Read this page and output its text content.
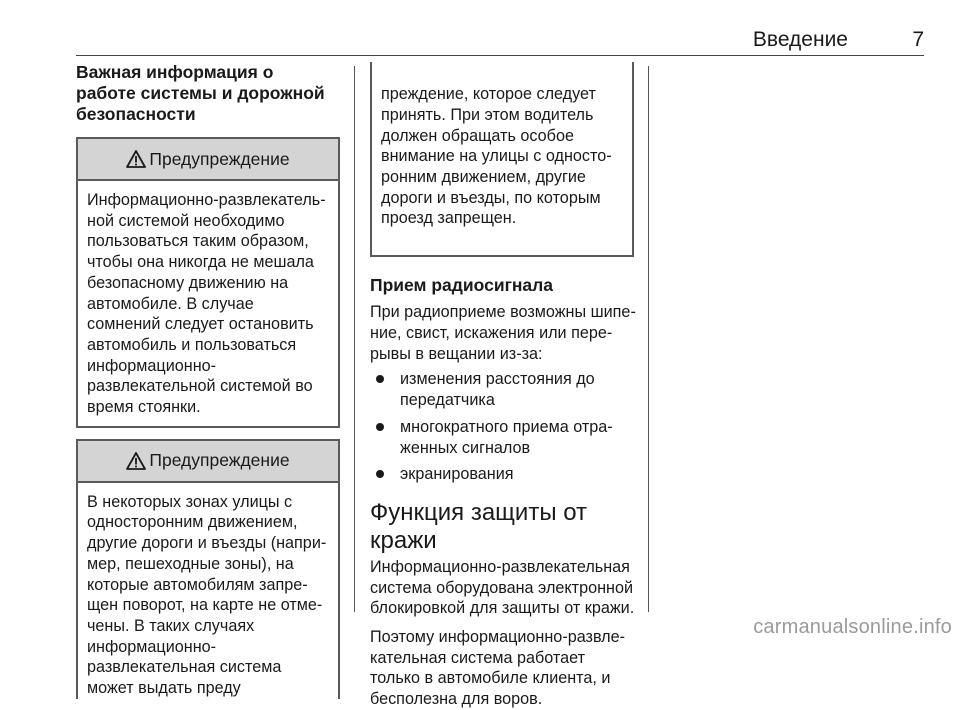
Введение	7
Важная информация о работе системы и дорожной безопасности
Предупреждение

Информационно-развлекательной системой необходимо пользоваться таким образом, чтобы она никогда не мешала безопасному движению на автомобиле. В случае сомнений следует остановить автомобиль и пользоваться информационно-развлекательной системой во время стоянки.

Предупреждение

В некоторых зонах улицы с односторонним движением, другие дороги и въезды (например, пешеходные зоны), на которые автомобилям запрещен поворот, на карте не отмечены. В таких случаях информационно-развлекательная система может выдать преду

преждение, которое следует принять. При этом водитель должен обращать особое внимание на улицы с односторонним движением, другие дороги и въезды, по которым проезд запрещен.

Прием радиосигнала

При радиоприеме возможны шипение, свист, искажения или перерывы в вещании из-за:

изменения расстояния до передатчика
многократного приема отраженных сигналов
экранирования
Функция защиты от кражи

Информационно-развлекательная система оборудована электронной блокировкой для защиты от кражи.

Поэтому информационно-развлекательная система работает только в автомобиле клиента, и бесполезна для воров.

carmanualsonline.info
